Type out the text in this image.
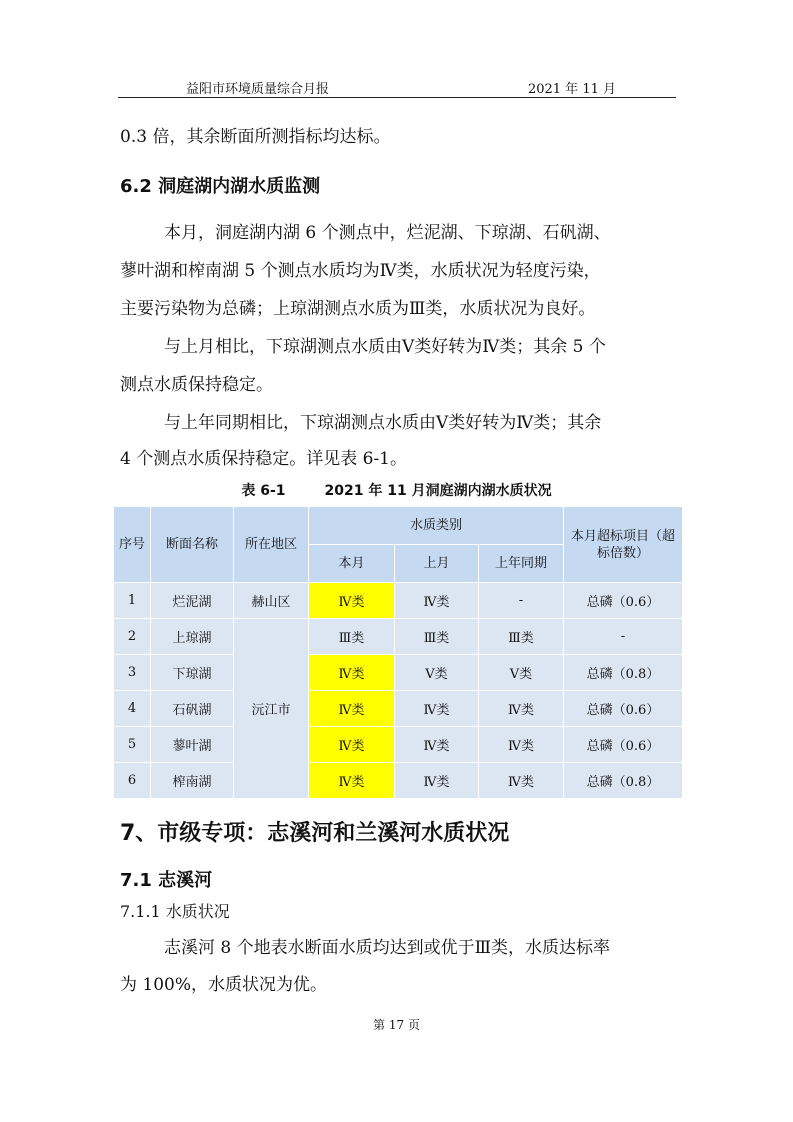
益阳市环境质量综合月报	2021 年 11 月
0.3 倍，其余断面所测指标均达标。
6.2 洞庭湖内湖水质监测
本月，洞庭湖内湖 6 个测点中，烂泥湖、下琼湖、石矾湖、
蓼叶湖和榨南湖 5 个测点水质均为Ⅳ类，水质状况为轻度污染，
主要污染物为总磷；上琼湖测点水质为Ⅲ类，水质状况为良好。
与上月相比，下琼湖测点水质由Ⅴ类好转为Ⅳ类；其余 5 个
测点水质保持稳定。
与上年同期相比，下琼湖测点水质由Ⅴ类好转为Ⅳ类；其余
4 个测点水质保持稳定。详见表 6-1。
表 6-1        2021 年 11 月洞庭湖内湖水质状况
序号	断面名称	所在地区	水质类别			本月超标项目（超标倍数）
			本月	上月	上年同期	
1	烂泥湖	赫山区	Ⅳ类	Ⅳ类	-	总磷（0.6）
2	上琼湖	沅江市	Ⅲ类	Ⅲ类	Ⅲ类	-
3	下琼湖		Ⅳ类	Ⅴ类	Ⅴ类	总磷（0.8）
4	石矾湖		Ⅳ类	Ⅳ类	Ⅳ类	总磷（0.6）
5	蓼叶湖		Ⅳ类	Ⅳ类	Ⅳ类	总磷（0.6）
6	榨南湖		Ⅳ类	Ⅳ类	Ⅳ类	总磷（0.8）
7、市级专项：志溪河和兰溪河水质状况
7.1 志溪河
7.1.1 水质状况
志溪河 8 个地表水断面水质均达到或优于Ⅲ类，水质达标率
为 100%，水质状况为优。
第 17 页
